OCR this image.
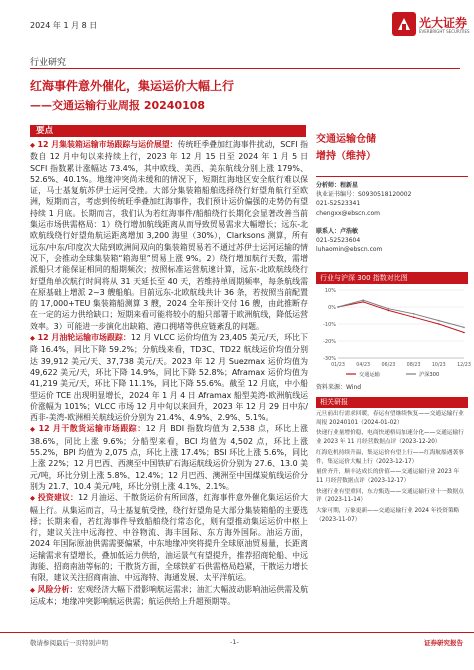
2024 年 1 月 8 日	光大证券
EVERBRIGHT SECURITIES
行业研究
红海事件意外催化，集运运价大幅上行
——交通运输行业周报 20240108
要点

◆ 12 月集装箱运输市场跟踪与运价展望：传统旺季叠加红海事件扰动，SCFI 指数自 12 月中旬以来持续上行，2023 年 12 月 15 日至 2024 年 1 月 5 日 SCFI 指数累计涨幅达 73.4%，其中欧线、美西、美东航线分别上涨 179%、52.6%、40.1%。地缘冲突尚未缓和的情况下，短期红海地区安全航行难以保证，马士基复航苏伊士运河受挫。大部分集装箱船舶选择绕行好望角航行至欧洲，短期而言，考虑到传统旺季叠加红海事件，我们预计运价偏强的走势仍有望持续 1 月底。长期而言，我们认为若红海事件/船舶绕行长期化会显著改善当前集运市场供需格局：1）绕行增加航线距离从而导致贸易需求大幅增长；远东-北欧航线绕行好望角航运距离增加 3,200 海里（30%），Clarksons 测算，所有远东/中东/印度次大陆到欧洲间双向的集装箱贸易若不通过苏伊士运河运输的情况下，会推动全球集装箱“箱海里”贸易上涨 9%。2）绕行增加航行天数，需增派船只才能保证相同的船期频次；按照标准运营航速计算，远东-北欧航线绕行好望角单次航行时间将从 31 天延长至 40 天，若维持单周期频率，每条航线需在原基础上增派 2~3 艘船舶。目前远东-北欧航线共计 36 条，若按照当前配置的 17,000+TEU 集装箱船测算 3 艘，2024 全年预计交付 16 艘，由此推断存在一定的运力供给缺口；短期来看可能将较小的船只部署于欧洲航线，降低运营效率。3）可能进一步演化出缺箱、港口拥堵等供应链紊乱的问题。

◆ 12 月油轮运输市场跟踪：12 月 VLCC 运价均值为 23,405 美元/天，环比下降 16.4%，同比下降 59.2%；分航线来看，TD3C、TD22 航线运价均值分别达 39,912 美元/天、37,738 美元/天。2023 年 12 月 Suezmax 运价均值为 49,622 美元/天，环比下降 14.9%，同比下降 52.8%；Aframax 运价均值为 41,219 美元/天，环比下降 11.1%，同比下降 55.6%。截至 12 月底，中小船型运价 TCE 出现明显增长，2024 年 1 月 4 日 Aframax 船型美湾-欧洲航线运价涨幅为 101%；VLCC 市场 12 月中旬以来回升，2023 年 12 月 29 日中东/西非-美湾-欧洲相关航线运价分别为 21.4%、4.9%、2.9%、5.1%。

◆ 12 月干散货运输市场跟踪：12 月 BDI 指数均值为 2,538 点，环比上涨 38.6%，同比上涨 9.6%；分船型来看，BCI 均值为 4,502 点，环比上涨 55.2%，BPI 均值为 2,075 点，环比上涨 17.4%；BSI 环比上涨 5.6%，同比上涨 22%；12 月巴西、西澳至中国铁矿石海运航线运价分别为 27.6、13.0 美元/吨，环比分别上涨 5.8%、12.4%；12 月巴西、澳洲至中国煤炭航线运价分别为 21.7、10.4 美元/吨，环比分别上涨 4.1%、2.1%。

◆ 投资建议：12 月油运、干散货运价有所回落，红海事件意外催化集运运价大幅上行。从集运而言，马士基复航受挫，绕行好望角是大部分集装箱船的主要选择；长期来看，若红海事件导致船舶绕行常态化，则有望推动集运运价中枢上行，建议关注中远海控、中谷物流、海丰国际、东方海外国际。油运方面，2024 年国际原油供需需要偏紧，中东地缘冲突将提升全球原油贸易量，长距离运输需求有望增长，叠加低运力供给，油运景气有望提升，推荐招商轮船、中远海能、招商南油等标的；干散货方面，全球铁矿石供需格局趋紧，干散运力增长有限，建议关注招商南油、中远海特、海通发展、太平洋航运。

◆ 风险分析：宏观经济大幅下滑影响航运需求；油汇大幅波动影响油运供需及航运成本；地缘冲突影响航运供需；航运供给上升超预期等。

交通运输仓储
增持（维持）
分析师：程新星
执业证书编号：S0930518120002
021-52523341
chengxx@ebscn.com
联系人：卢浩敏
021-52523604
luhaomin@ebscn.com
行业与沪深 300 指数对比图
10%
0%
-10%
-20%
-30%
01/23 04/23 06/23 08/23 10/23 12/23
交通运输	沪深300
资料来源：Wind
相关研报
元旦前出行需求回暖，春运有望继续恢复——交通运输行业周报 20240101（2024-01-02）
快递行业量增价稳，电商快递格局加速分化——交通运输行业 2023 年 11 月经营数据点评（2023-12-20）
红海危机持续升温，集运运价有望上行——红海航船遇袭事件，集运运价大幅上行（2023-12-17）
量价齐升，顺丰达成长的价值——交通运输行业 2023 年 11 月经营数据点评（2023-12-17）
快递行业有望重回，东方甄选——交通运输行业十一数据点评（2023-11-14）
大象可期，万象更新——交通运输行业 2024 年投资策略（2023-11-07）
敬请参阅最后一页特别声明	-1-	证券研究报告
